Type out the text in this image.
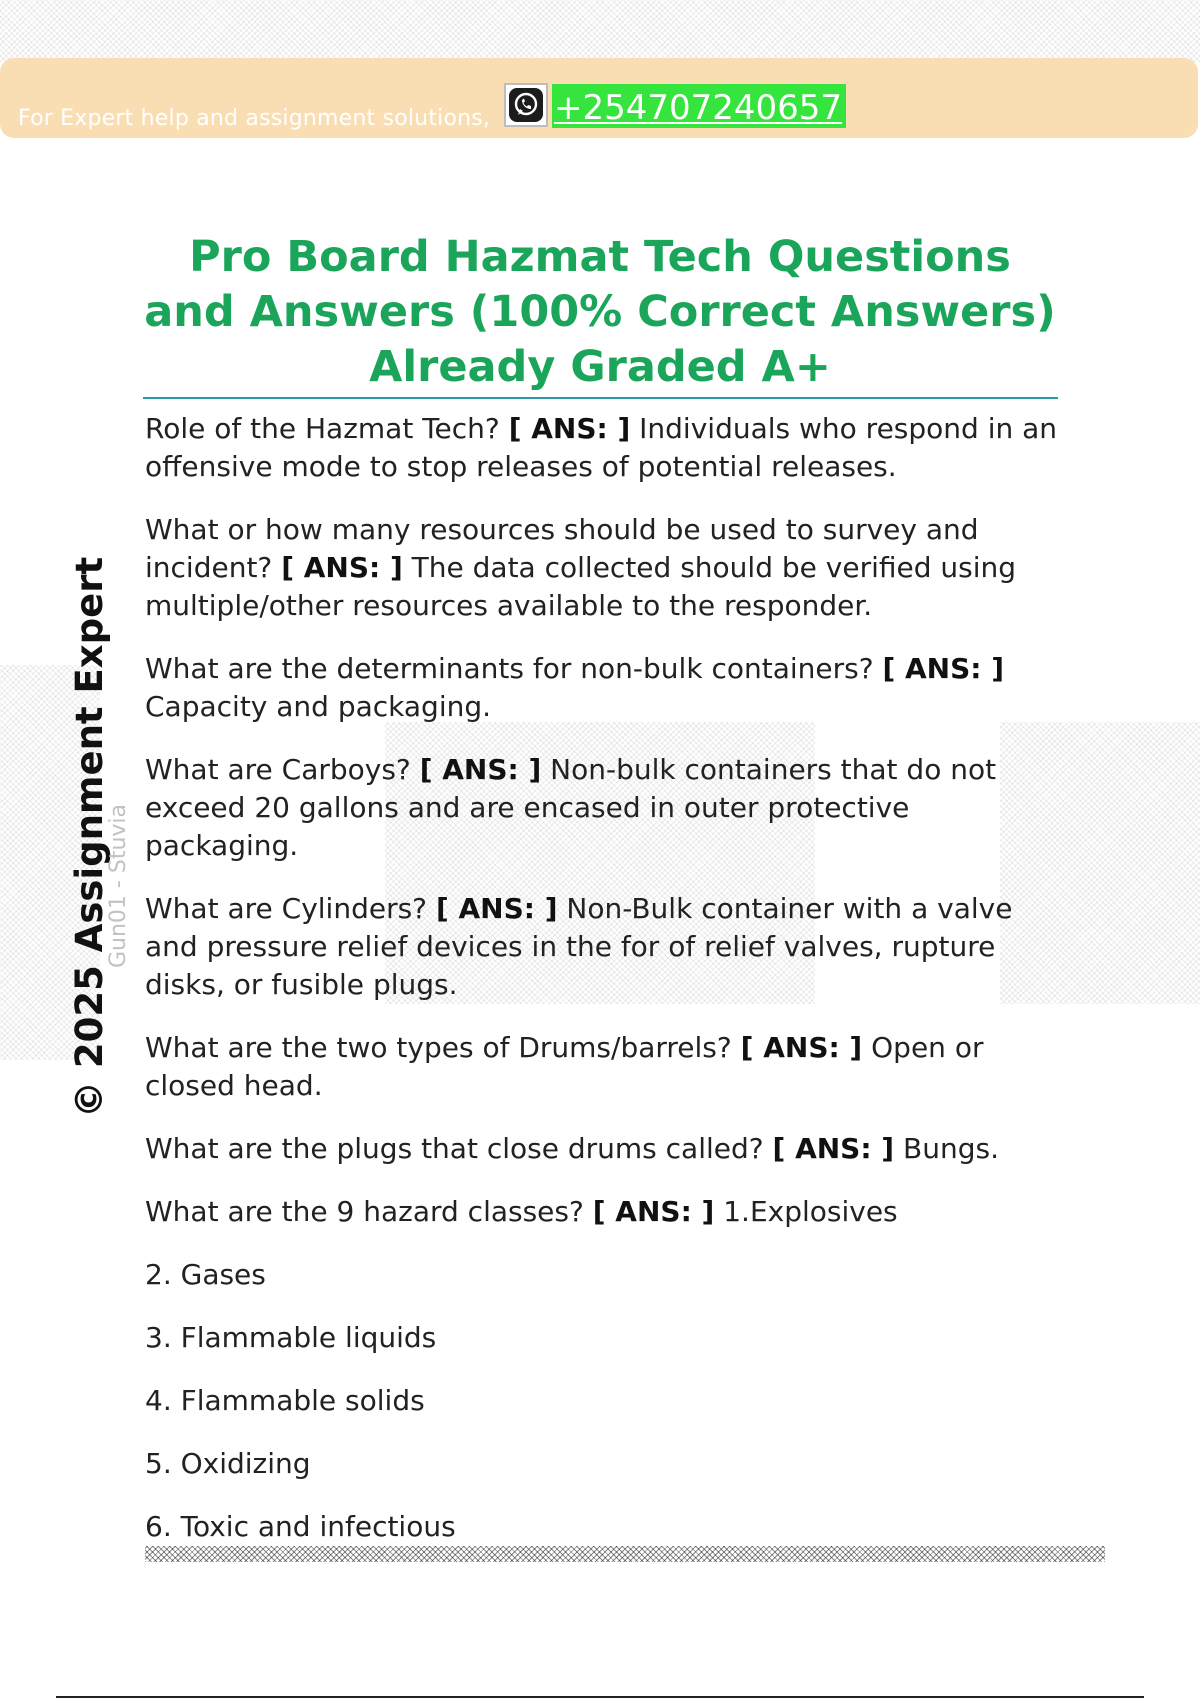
For Expert help and assignment solutions, +254707240657
© 2025 Assignment Expert
Gun01 - Stuvia
Pro Board Hazmat Tech Questions and Answers (100% Correct Answers) Already Graded A+

Role of the Hazmat Tech? [ ANS: ] Individuals who respond in an offensive mode to stop releases of potential releases.

What or how many resources should be used to survey and incident? [ ANS: ] The data collected should be verified using multiple/other resources available to the responder.

What are the determinants for non-bulk containers? [ ANS: ] Capacity and packaging.

What are Carboys? [ ANS: ] Non-bulk containers that do not exceed 20 gallons and are encased in outer protective packaging.

What are Cylinders? [ ANS: ] Non-Bulk container with a valve and pressure relief devices in the for of relief valves, rupture disks, or fusible plugs.

What are the two types of Drums/barrels? [ ANS: ] Open or closed head.

What are the plugs that close drums called? [ ANS: ] Bungs.

What are the 9 hazard classes? [ ANS: ] 1.Explosives

2. Gases
3. Flammable liquids
4. Flammable solids
5. Oxidizing
6. Toxic and infectious
